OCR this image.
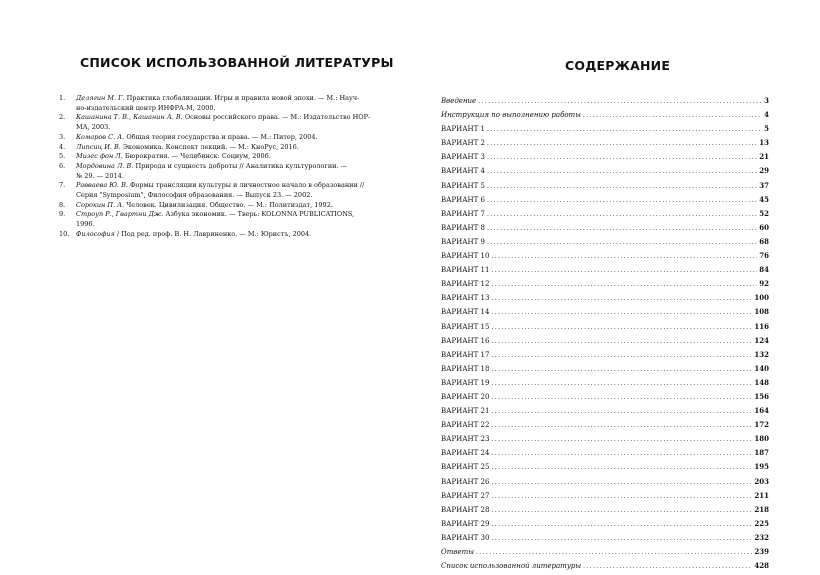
СПИСОК ИСПОЛЬЗОВАННОЙ ЛИТЕРАТУРЫ
1.	Делягин М. Г. Практика глобализации. Игры и правила новой эпохи. — М.: Науч-
но-издательский центр ИНФРА-М, 2000.
2.	Кашанина Т. В., Кашанин А. В. Основы российского права. — М.: Издательство НОР-
МА, 2003.
3.	Комаров С. А. Общая теория государства и права. — М.: Питер, 2004.
4.	Липсиц И. В. Экономика. Конспект лекций. — М.: КноРус, 2016.
5.	Мизес фон Л. Бюрократия. — Челябинск: Социум, 2006.
6.	Мордовина Л. В. Природа и сущность доброты // Аналитика культурологии. —
№ 29. — 2014.
7.	Равваева Ю. В. Формы трансляции культуры и личностное начало в образовании //
Серия "Symposium", Философия образования. — Выпуск 23. — 2002.
8.	Сорокин П. А. Человек. Цивилизация. Общество. — М.: Политиздат, 1992.
9.	Строуп Р., Гвартни Дж. Азбука экономик. — Тверь: KOLONNA PUBLICATIONS,
1996.
10.	Философия / Под ред. проф. В. Н. Лавриненко. — М.: Юристъ, 2004.
СОДЕРЖАНИЕ
Введение .....	3
Инструкция по выполнению работы .....	4
ВАРИАНТ 1 .....	5
ВАРИАНТ 2 .....	13
ВАРИАНТ 3 .....	21
ВАРИАНТ 4 .....	29
ВАРИАНТ 5 .....	37
ВАРИАНТ 6 .....	45
ВАРИАНТ 7 .....	52
ВАРИАНТ 8 .....	60
ВАРИАНТ 9 .....	68
ВАРИАНТ 10 .....	76
ВАРИАНТ 11 .....	84
ВАРИАНТ 12 .....	92
ВАРИАНТ 13 .....	100
ВАРИАНТ 14 .....	108
ВАРИАНТ 15 .....	116
ВАРИАНТ 16 .....	124
ВАРИАНТ 17 .....	132
ВАРИАНТ 18 .....	140
ВАРИАНТ 19 .....	148
ВАРИАНТ 20 .....	156
ВАРИАНТ 21 .....	164
ВАРИАНТ 22 .....	172
ВАРИАНТ 23 .....	180
ВАРИАНТ 24 .....	187
ВАРИАНТ 25 .....	195
ВАРИАНТ 26 .....	203
ВАРИАНТ 27 .....	211
ВАРИАНТ 28 .....	218
ВАРИАНТ 29 .....	225
ВАРИАНТ 30 .....	232
Ответы .....	239
Список использованной литературы .....	428
